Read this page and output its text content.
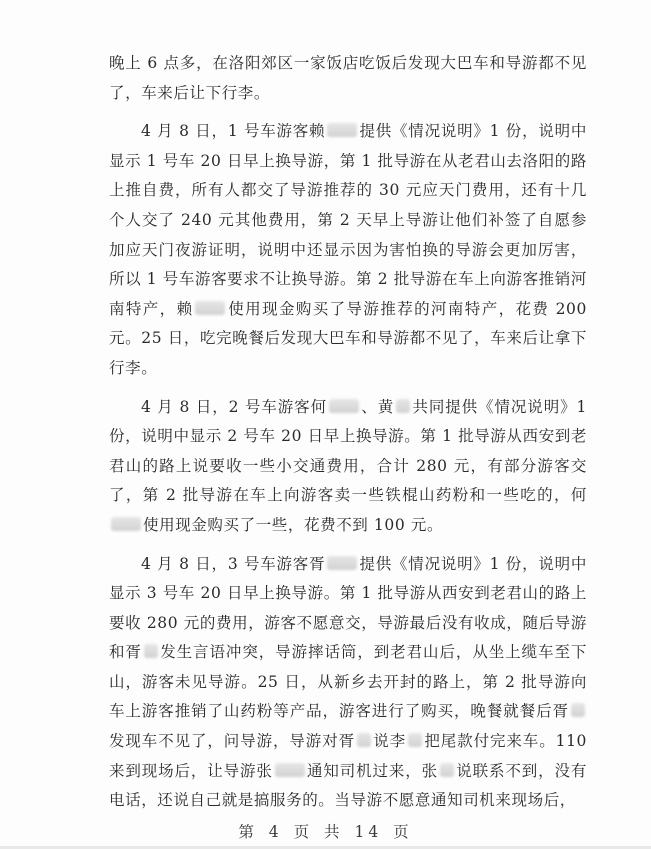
晚上 6 点多，在洛阳郊区一家饭店吃饭后发现大巴车和导游都不见了，车来后让下行李。

4 月 8 日，1 号车游客赖 提供《情况说明》1 份，说明中显示 1 号车 20 日早上换导游，第 1 批导游在从老君山去洛阳的路上推自费，所有人都交了导游推荐的 30 元应天门费用，还有十几个人交了 240 元其他费用，第 2 天早上导游让他们补签了自愿参加应天门夜游证明，说明中还显示因为害怕换的导游会更加厉害，所以 1 号车游客要求不让换导游。第 2 批导游在车上向游客推销河南特产，赖 使用现金购买了导游推荐的河南特产，花费 200 元。25 日，吃完晚餐后发现大巴车和导游都不见了，车来后让拿下行李。

4 月 8 日，2 号车游客何 、黄 共同提供《情况说明》1 份，说明中显示 2 号车 20 日早上换导游。第 1 批导游从西安到老君山的路上说要收一些小交通费用，合计 280 元，有部分游客交了，第 2 批导游在车上向游客卖一些铁棍山药粉和一些吃的，何使用现金购买了一些，花费不到 100 元。

4 月 8 日，3 号车游客胥 提供《情况说明》1 份，说明中显示 3 号车 20 日早上换导游。第 1 批导游从西安到老君山的路上要收 280 元的费用，游客不愿意交，导游最后没有收成，随后导游和胥 发生言语冲突，导游摔话筒，到老君山后，从坐上缆车至下山，游客未见导游。25 日，从新乡去开封的路上，第 2 批导游向车上游客推销了山药粉等产品，游客进行了购买，晚餐就餐后胥发现车不见了，问导游，导游对胥 说李 把尾款付完来车。110 来到现场后，让导游张 通知司机过来，张 说联系不到，没有电话，还说自己就是搞服务的。当导游不愿意通知司机来现场后，

第 4 页 共 14 页
